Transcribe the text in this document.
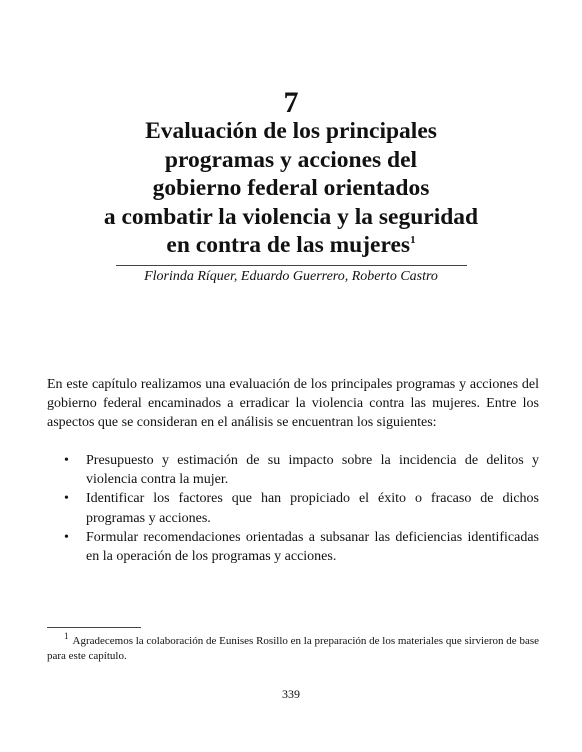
7
Evaluación de los principales
programas y acciones del
gobierno federal orientados
a combatir la violencia y la seguridad
en contra de las mujeres$^1$
Florinda Ríquer, Eduardo Guerrero, Roberto Castro

En este capítulo realizamos una evaluación de los principales programas y acciones del gobierno federal encaminados a erradicar la violencia contra las mujeres. Entre los aspectos que se consideran en el análisis se encuentran los siguientes:

• Presupuesto y estimación de su impacto sobre la incidencia de delitos y violencia contra la mujer.
• Identificar los factores que han propiciado el éxito o fracaso de dichos programas y acciones.
• Formular recomendaciones orientadas a subsanar las deficiencias identificadas en la operación de los programas y acciones.

$^1$ Agradecemos la colaboración de Eunises Rosillo en la preparación de los materiales que sirvieron de base para este capítulo.

339
